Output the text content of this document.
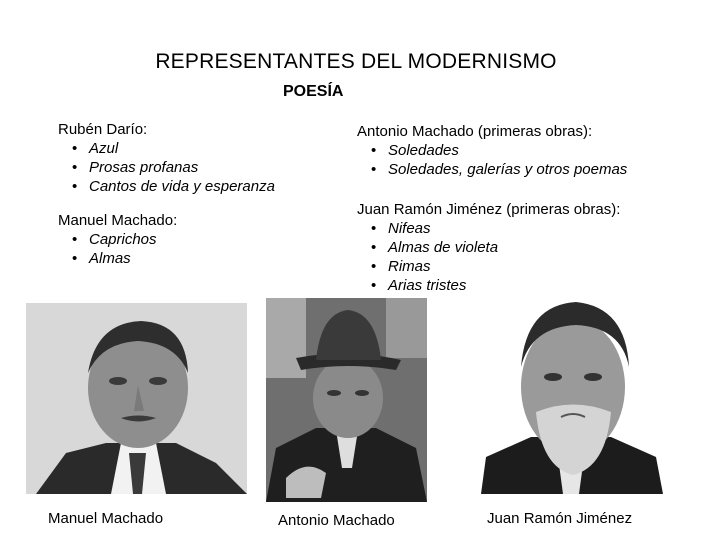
REPRESENTANTES DEL MODERNISMO
POESÍA

Rubén Darío:

• Azul
• Prosas profanas
• Cantos de vida y esperanza

Manuel Machado:

• Caprichos
• Almas

Antonio Machado (primeras obras):

• Soledades
• Soledades, galerías y otros poemas

Juan Ramón Jiménez (primeras obras):

• Nifeas
• Almas de violeta
• Rimas
• Arias tristes
Manuel Machado	Antonio Machado	Juan Ramón Jiménez
